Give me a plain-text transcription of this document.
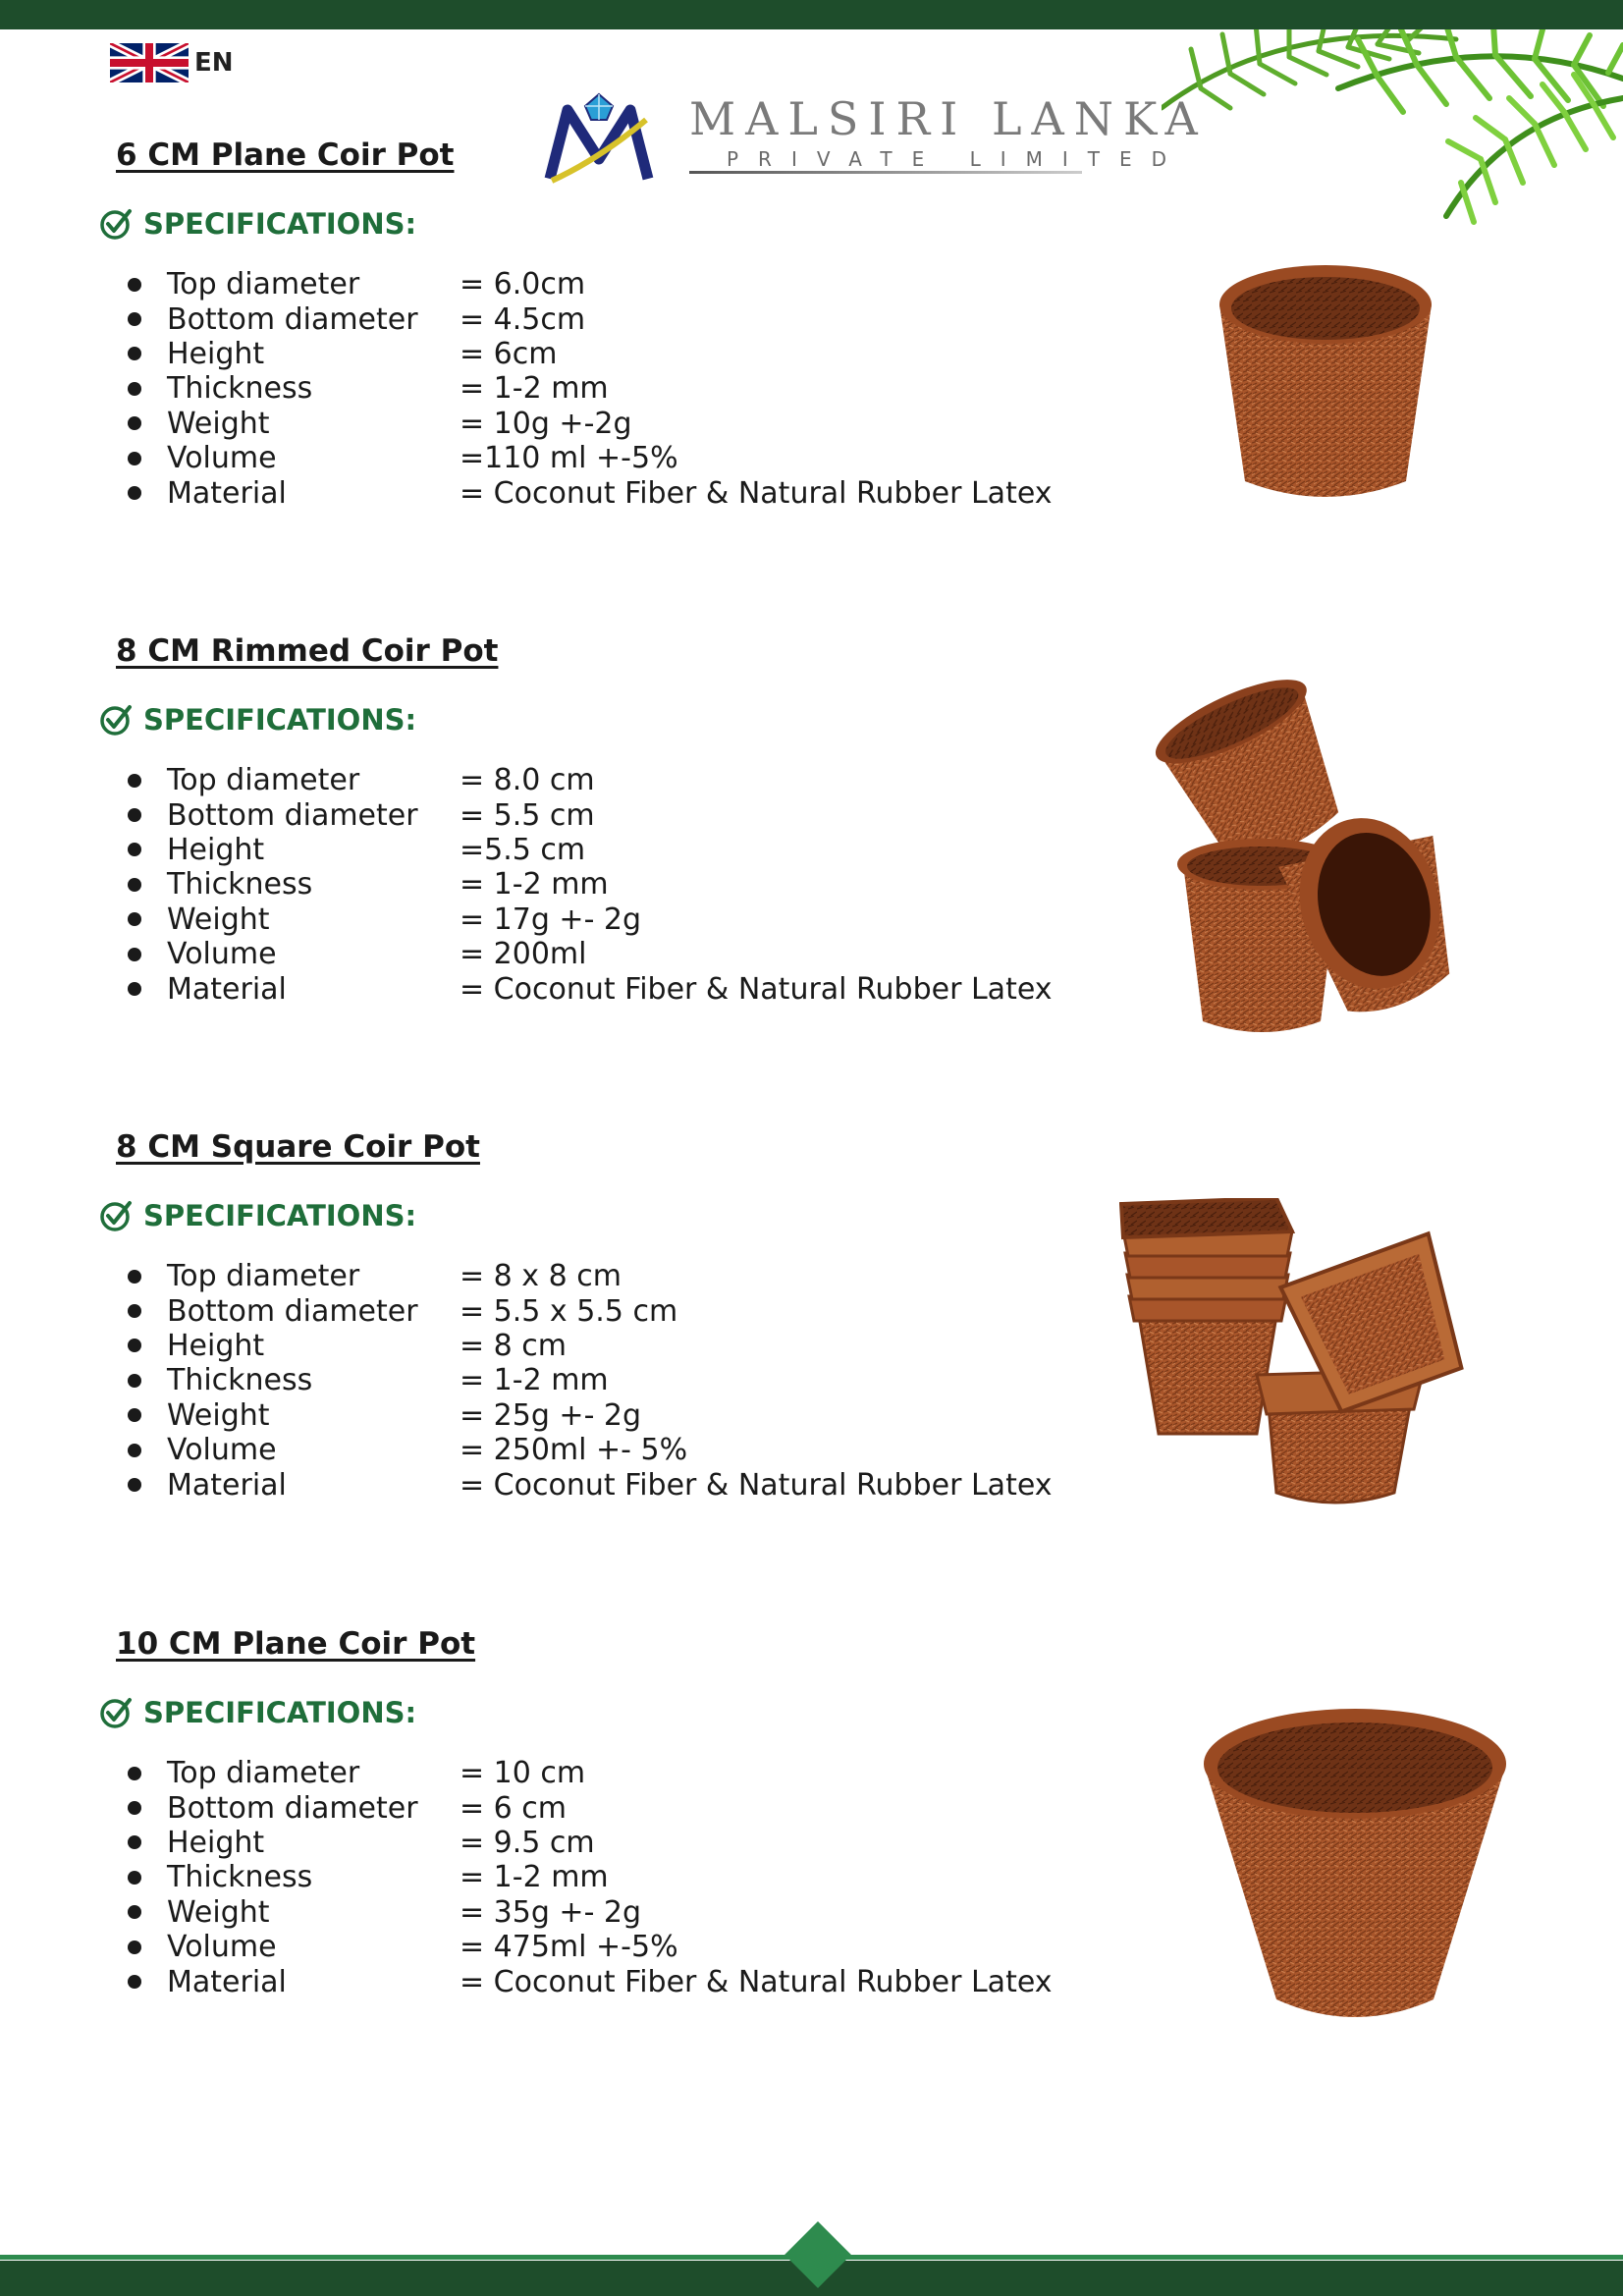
EN
MALSIRI LANKA
PRIVATE LIMITED
6 CM Plane Coir Pot
SPECIFICATIONS:
Top diameter	= 6.0cm
Bottom diameter	= 4.5cm
Height	= 6cm
Thickness	= 1-2 mm
Weight	= 10g +-2g
Volume	=110 ml +-5%
Material	= Coconut Fiber & Natural Rubber Latex
8 CM Rimmed Coir Pot
SPECIFICATIONS:
Top diameter	= 8.0 cm
Bottom diameter	= 5.5 cm
Height	=5.5 cm
Thickness	= 1-2 mm
Weight	= 17g +- 2g
Volume	= 200ml
Material	= Coconut Fiber & Natural Rubber Latex
8 CM Square Coir Pot
SPECIFICATIONS:
Top diameter	= 8 x 8 cm
Bottom diameter	= 5.5 x 5.5 cm
Height	= 8 cm
Thickness	= 1-2 mm
Weight	= 25g +- 2g
Volume	= 250ml +- 5%
Material	= Coconut Fiber & Natural Rubber Latex
10 CM Plane Coir Pot
SPECIFICATIONS:
Top diameter	= 10 cm
Bottom diameter	= 6 cm
Height	= 9.5 cm
Thickness	= 1-2 mm
Weight	= 35g +- 2g
Volume	= 475ml +-5%
Material	= Coconut Fiber & Natural Rubber Latex
